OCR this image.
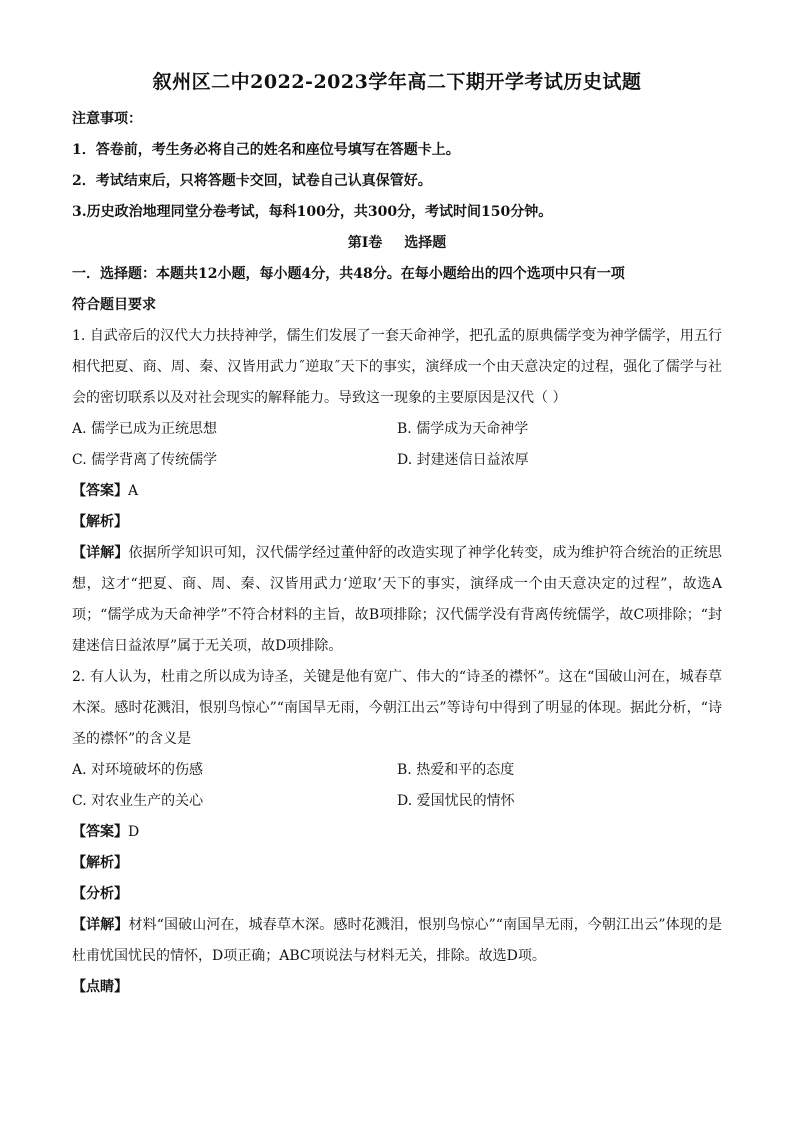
叙州区二中2022-2023学年高二下期开学考试历史试题

注意事项：

1．答卷前，考生务必将自己的姓名和座位号填写在答题卡上。

2．考试结束后，只将答题卡交回，试卷自己认真保管好。

3.历史政治地理同堂分卷考试，每科100分，共300分，考试时间150分钟。

第Ⅰ卷 选择题

一．选择题：本题共12小题，每小题4分，共48分。在每小题给出的四个选项中只有一项

符合题目要求

1. 自武帝后的汉代大力扶持神学，儒生们发展了一套天命神学，把孔孟的原典儒学变为神学儒学，用五行相代把夏、商、周、秦、汉皆用武力˝逆取˝天下的事实，演绎成一个由天意决定的过程，强化了儒学与社会的密切联系以及对社会现实的解释能力。导致这一现象的主要原因是汉代（ ）

A. 儒学已成为正统思想	B. 儒学成为天命神学
C. 儒学背离了传统儒学	D. 封建迷信日益浓厚

【答案】A

【解析】

【详解】依据所学知识可知，汉代儒学经过董仲舒的改造实现了神学化转变，成为维护符合统治的正统思想，这才“把夏、商、周、秦、汉皆用武力‘逆取’天下的事实，演绎成一个由天意决定的过程”，故选A项；“儒学成为天命神学”不符合材料的主旨，故B项排除；汉代儒学没有背离传统儒学，故C项排除；“封建迷信日益浓厚”属于无关项，故D项排除。

2. 有人认为，杜甫之所以成为诗圣，关键是他有宽广、伟大的“诗圣的襟怀”。这在“国破山河在，城春草木深。感时花溅泪，恨别鸟惊心”“南国旱无雨，今朝江出云”等诗句中得到了明显的体现。据此分析，“诗圣的襟怀”的含义是

A. 对环境破坏的伤感	B. 热爱和平的态度
C. 对农业生产的关心	D. 爱国忧民的情怀

【答案】D

【解析】

【分析】

【详解】材料“国破山河在，城春草木深。感时花溅泪，恨别鸟惊心”“南国旱无雨，今朝江出云”体现的是杜甫忧国忧民的情怀，D项正确；ABC项说法与材料无关，排除。故选D项。

【点睛】
